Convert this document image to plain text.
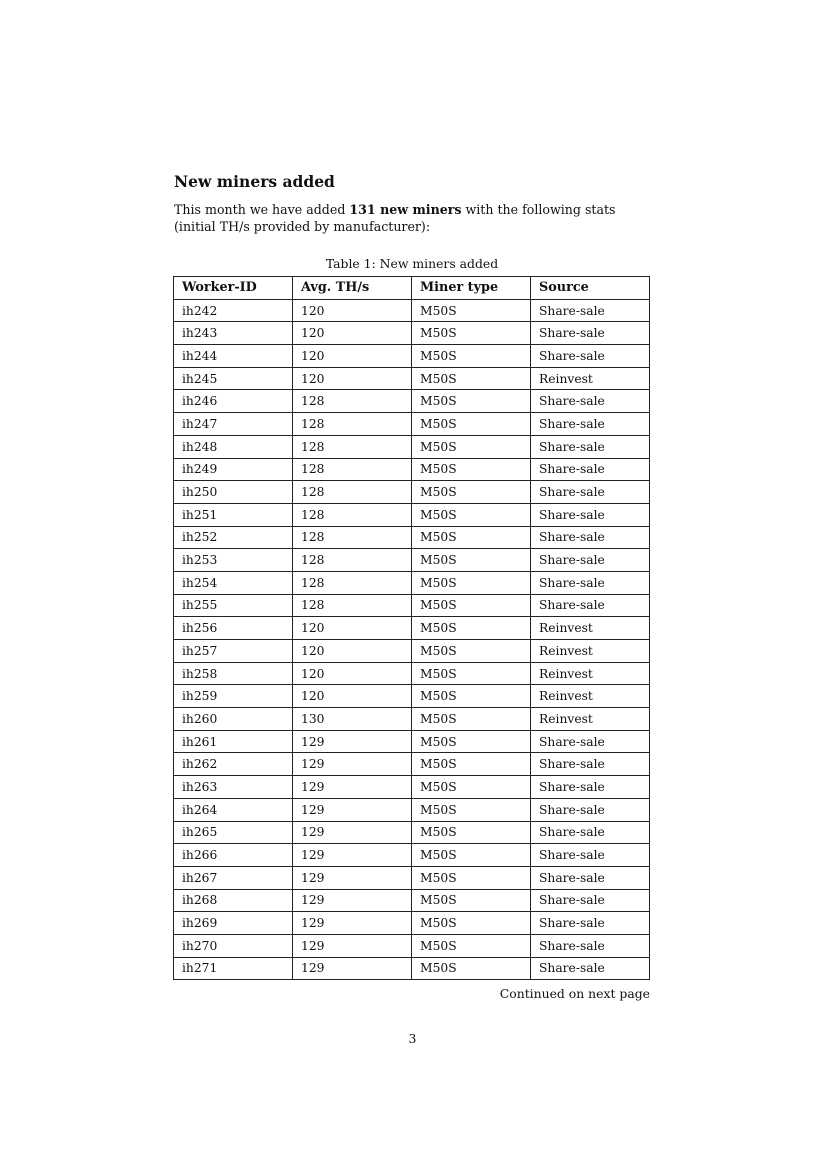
New miners added

This month we have added 131 new miners with the following stats (initial TH/s provided by manufacturer):

Table 1: New miners added
Worker-ID	Avg. TH/s	Miner type	Source
ih242	120	M50S	Share-sale
ih243	120	M50S	Share-sale
ih244	120	M50S	Share-sale
ih245	120	M50S	Reinvest
ih246	128	M50S	Share-sale
ih247	128	M50S	Share-sale
ih248	128	M50S	Share-sale
ih249	128	M50S	Share-sale
ih250	128	M50S	Share-sale
ih251	128	M50S	Share-sale
ih252	128	M50S	Share-sale
ih253	128	M50S	Share-sale
ih254	128	M50S	Share-sale
ih255	128	M50S	Share-sale
ih256	120	M50S	Reinvest
ih257	120	M50S	Reinvest
ih258	120	M50S	Reinvest
ih259	120	M50S	Reinvest
ih260	130	M50S	Reinvest
ih261	129	M50S	Share-sale
ih262	129	M50S	Share-sale
ih263	129	M50S	Share-sale
ih264	129	M50S	Share-sale
ih265	129	M50S	Share-sale
ih266	129	M50S	Share-sale
ih267	129	M50S	Share-sale
ih268	129	M50S	Share-sale
ih269	129	M50S	Share-sale
ih270	129	M50S	Share-sale
ih271	129	M50S	Share-sale
Continued on next page
3
